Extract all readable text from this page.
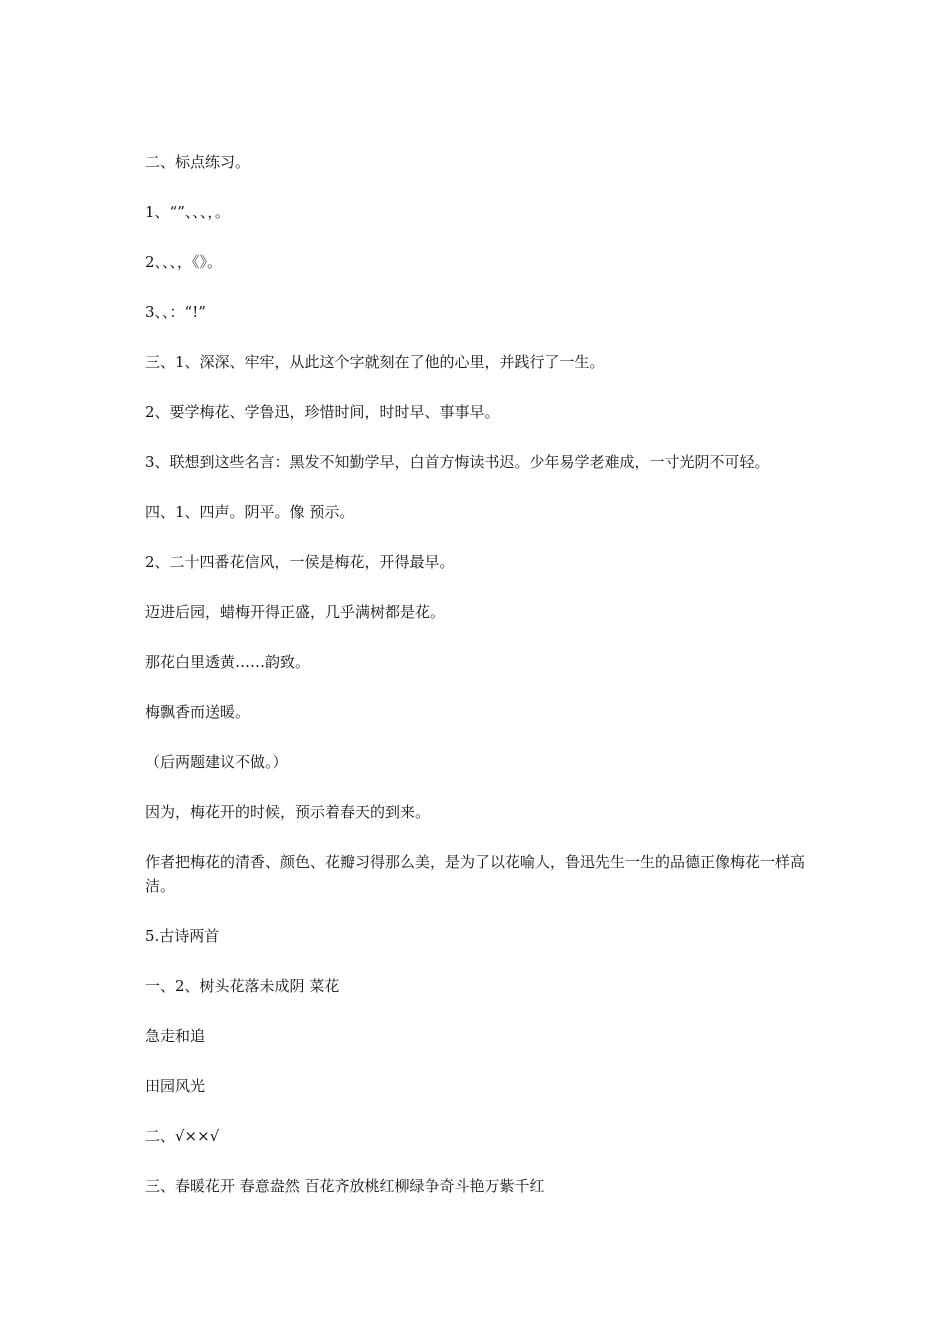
二、标点练习。

1、“”、、、，。

2、、、，《》。

3、、：“!”

三、1、深深、牢牢，从此这个字就刻在了他的心里，并践行了一生。

2、要学梅花、学鲁迅，珍惜时间，时时早、事事早。

3、联想到这些名言：黑发不知勤学早，白首方悔读书迟。少年易学老难成，一寸光阴不可轻。

四、1、四声。阴平。像 预示。

2、二十四番花信风，一侯是梅花，开得最早。

迈进后园，蜡梅开得正盛，几乎满树都是花。

那花白里透黄……韵致。

梅飘香而送暖。

（后两题建议不做。）

因为，梅花开的时候，预示着春天的到来。

作者把梅花的清香、颜色、花瓣习得那么美，是为了以花喻人，鲁迅先生一生的品德正像梅花一样高洁。

5.古诗两首

一、2、树头花落未成阴 菜花

急走和追

田园风光

二、√××√

三、春暖花开 春意盎然 百花齐放桃红柳绿争奇斗艳万紫千红
